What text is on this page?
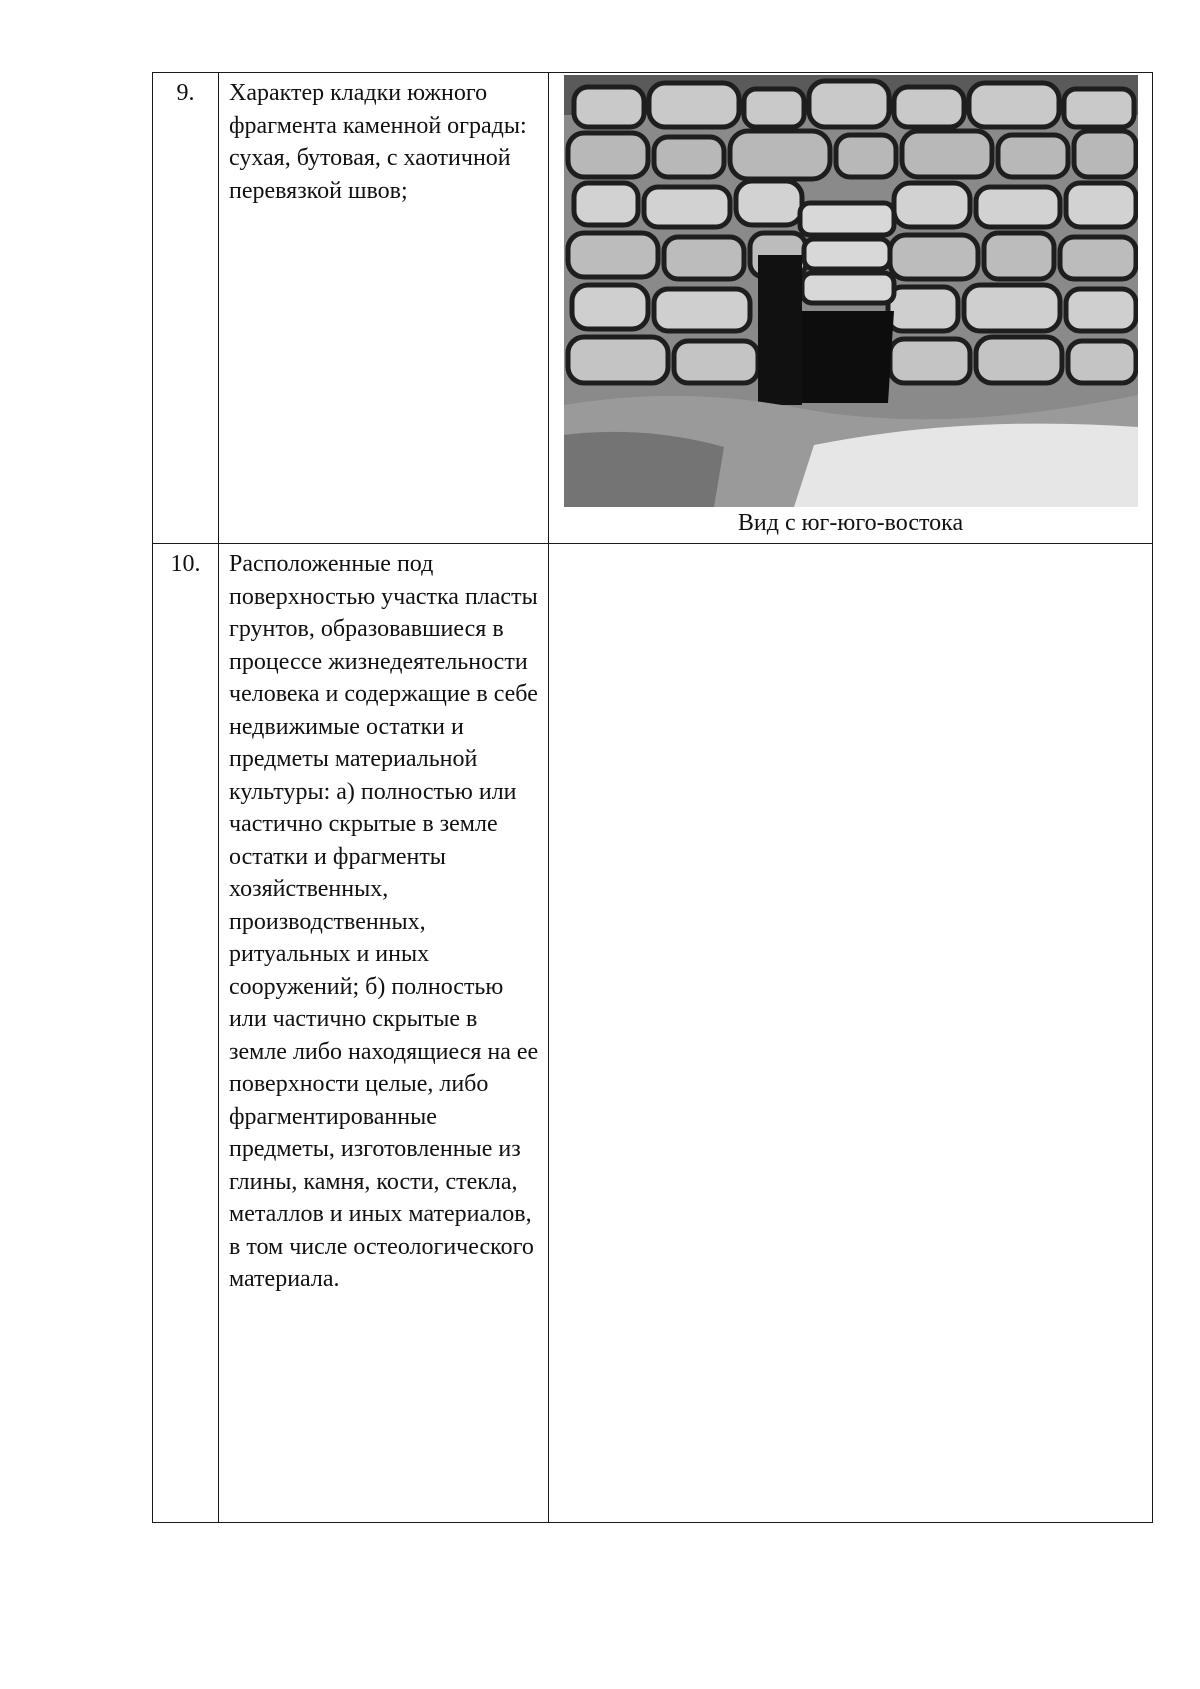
9.	Характер кладки южного фрагмента каменной ограды: сухая, бутовая, с хаотичной перевязкой швов;	Вид с юг-юго-востока

10.	Расположенные под поверхностью участка пласты грунтов, образовавшиеся в процессе жизнедеятельности человека и содержащие в себе недвижимые остатки и предметы материальной культуры: а) полностью или частично скрытые в земле остатки и фрагменты хозяйственных, производственных, ритуальных и иных сооружений; б) полностью или частично скрытые в земле либо находящиеся на ее поверхности целые, либо фрагментированные предметы, изготовленные из глины, камня, кости, стекла, металлов и иных материалов, в том числе остеологического материала.	
